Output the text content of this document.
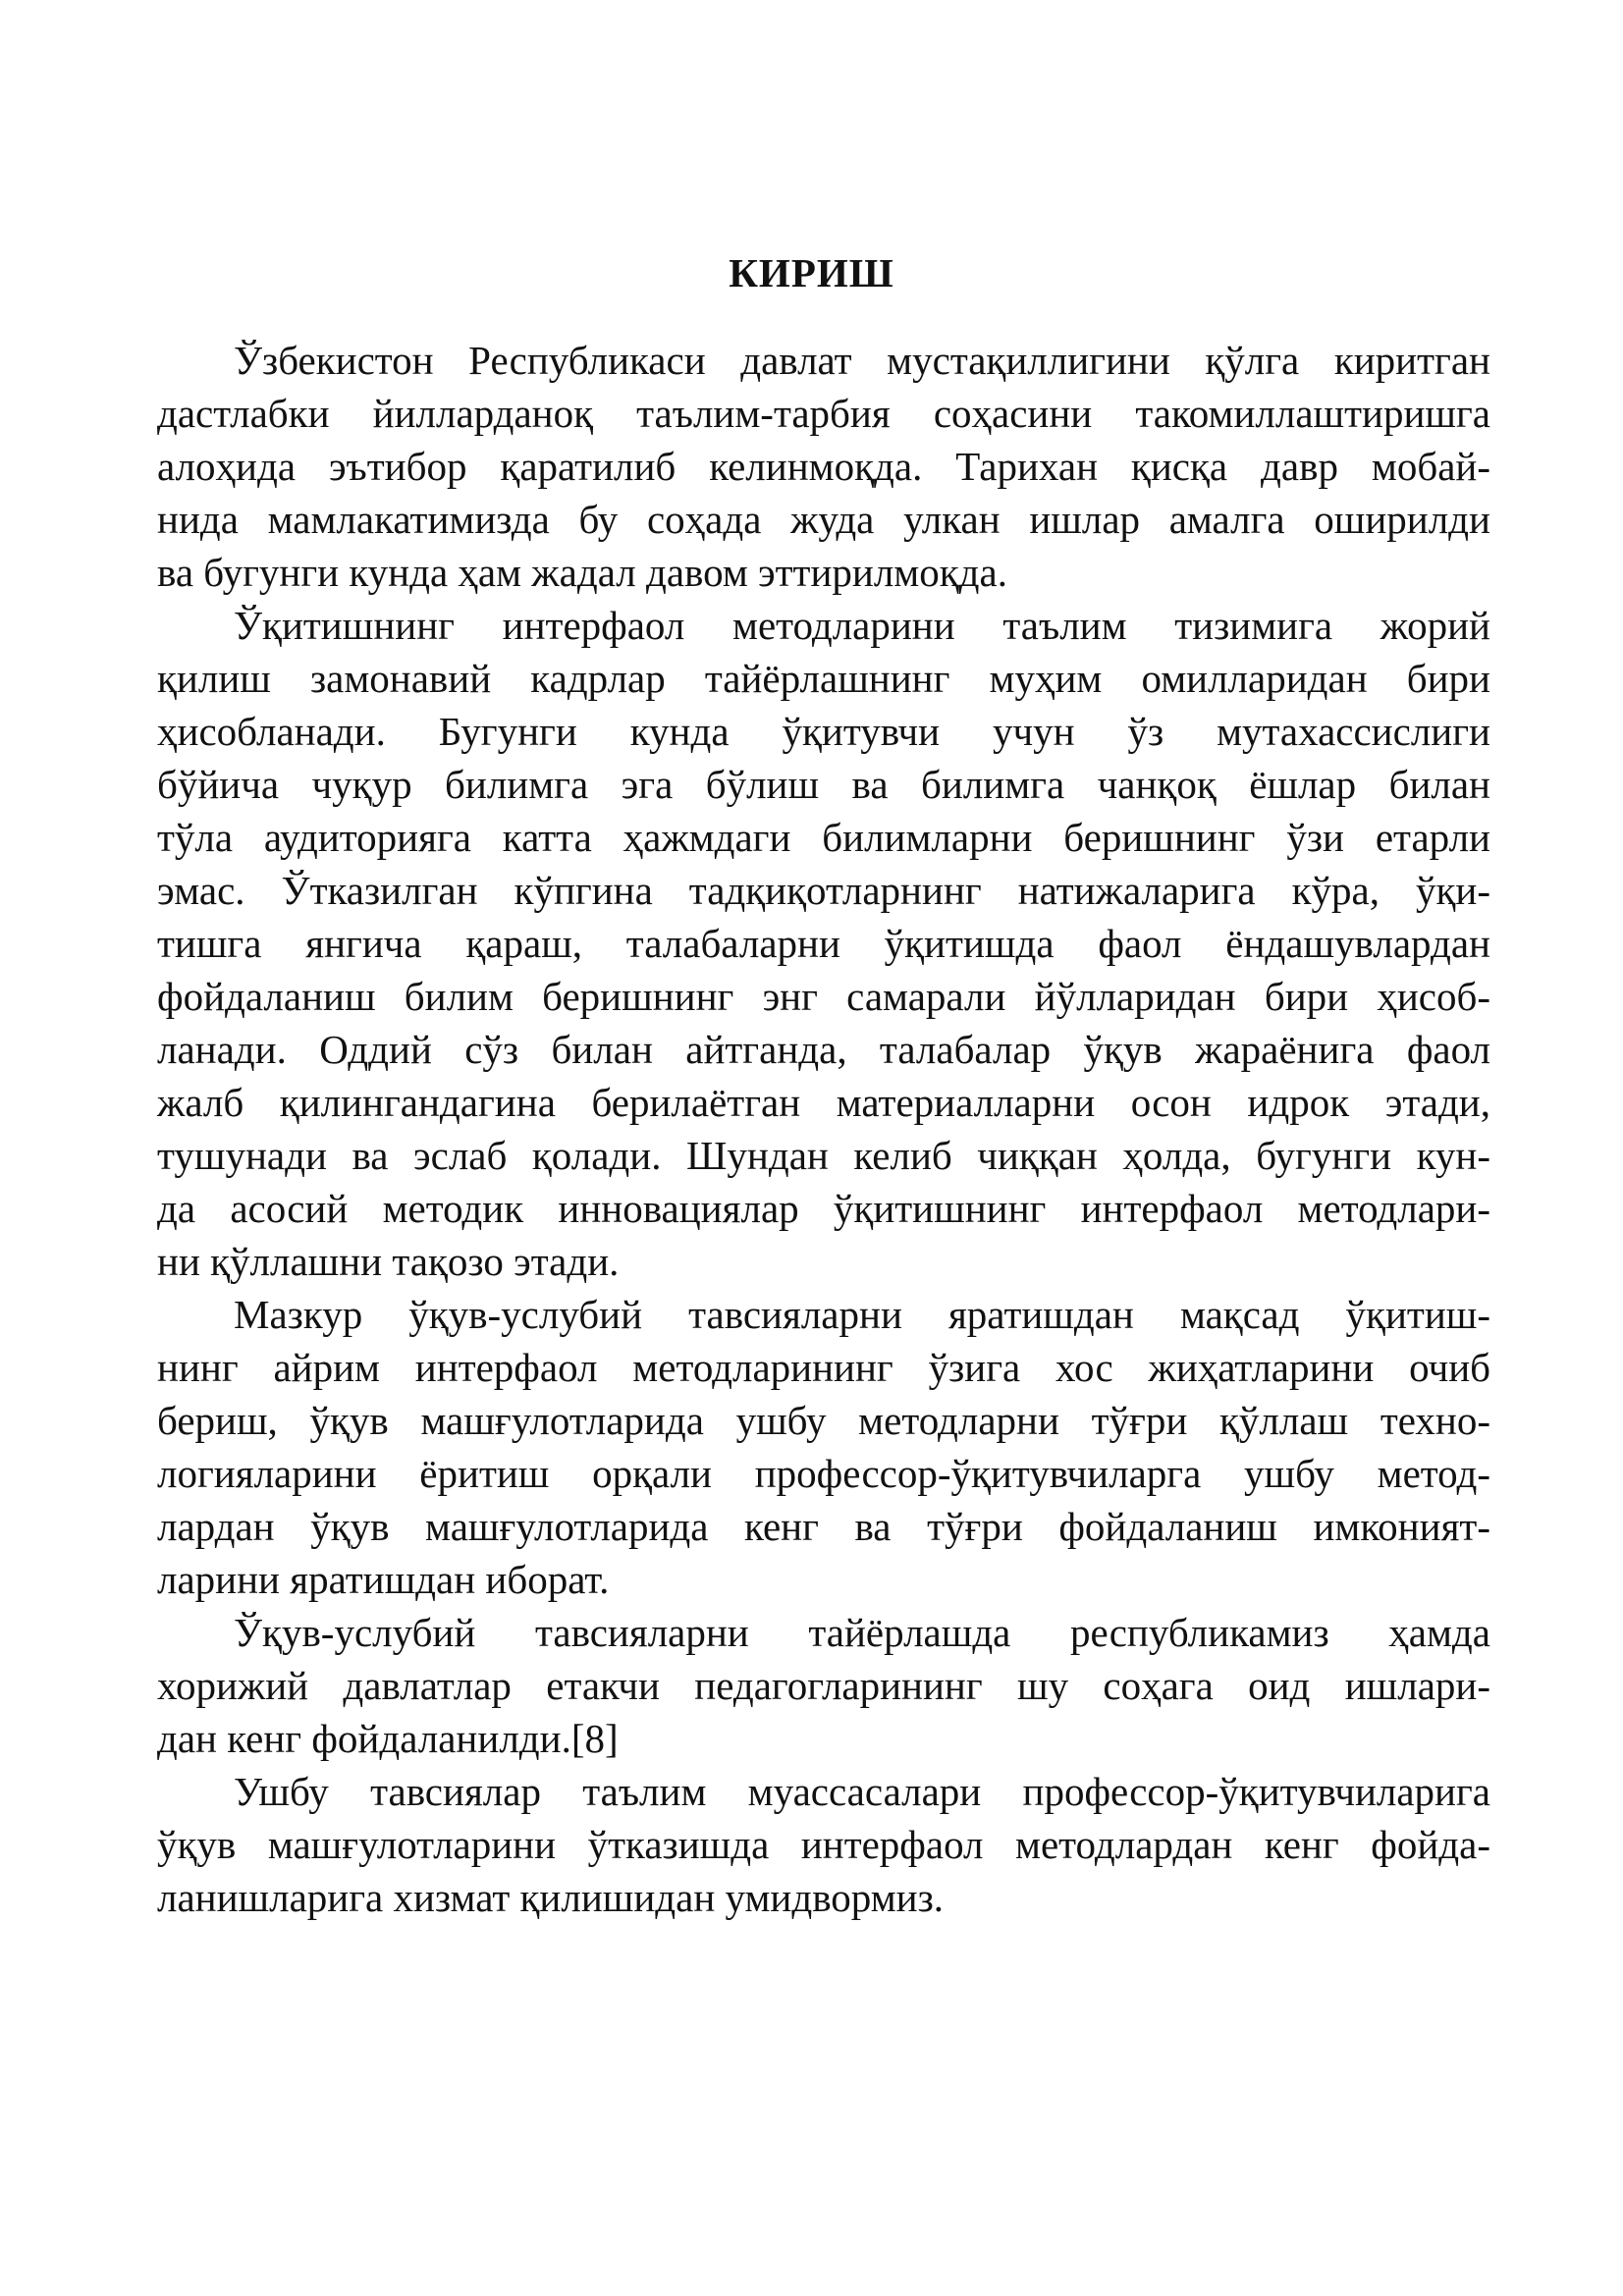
КИРИШ
Ўзбекистон Республикаси давлат мустақиллигини қўлга киритган
дастлабки йилларданоқ таълим-тарбия соҳасини такомиллаштиришга
алоҳида эътибор қаратилиб келинмоқда. Тарихан қисқа давр мобай-
нида мамлакатимизда бу соҳада жуда улкан ишлар амалга оширилди
ва бугунги кунда ҳам жадал давом эттирилмоқда.
Ўқитишнинг интерфаол методларини таълим тизимига жорий
қилиш замонавий кадрлар тайёрлашнинг муҳим омилларидан бири
ҳисобланади. Бугунги кунда ўқитувчи учун ўз мутахассислиги
бўйича чуқур билимга эга бўлиш ва билимга чанқоқ ёшлар билан
тўла аудиторияга катта ҳажмдаги билимларни беришнинг ўзи етарли
эмас. Ўтказилган кўпгина тадқиқотларнинг натижаларига кўра, ўқи-
тишга янгича қараш, талабаларни ўқитишда фаол ёндашувлардан
фойдаланиш билим беришнинг энг самарали йўлларидан бири ҳисоб-
ланади. Оддий сўз билан айтганда, талабалар ўқув жараёнига фаол
жалб қилингандагина берилаётган материалларни осон идрок этади,
тушунади ва эслаб қолади. Шундан келиб чиққан ҳолда, бугунги кун-
да асосий методик инновациялар ўқитишнинг интерфаол методлари-
ни қўллашни тақозо этади.
Мазкур ўқув-услубий тавсияларни яратишдан мақсад ўқитиш-
нинг айрим интерфаол методларининг ўзига хос жиҳатларини очиб
бериш, ўқув машғулотларида ушбу методларни тўғри қўллаш техно-
логияларини ёритиш орқали профессор-ўқитувчиларга ушбу метод-
лардан ўқув машғулотларида кенг ва тўғри фойдаланиш имконият-
ларини яратишдан иборат.
Ўқув-услубий тавсияларни тайёрлашда республикамиз ҳамда
хорижий давлатлар етакчи педагогларининг шу соҳага оид ишлари-
дан кенг фойдаланилди.[8]
Ушбу тавсиялар таълим муассасалари профессор-ўқитувчиларига
ўқув машғулотларини ўтказишда интерфаол методлардан кенг фойда-
ланишларига хизмат қилишидан умидвормиз.
